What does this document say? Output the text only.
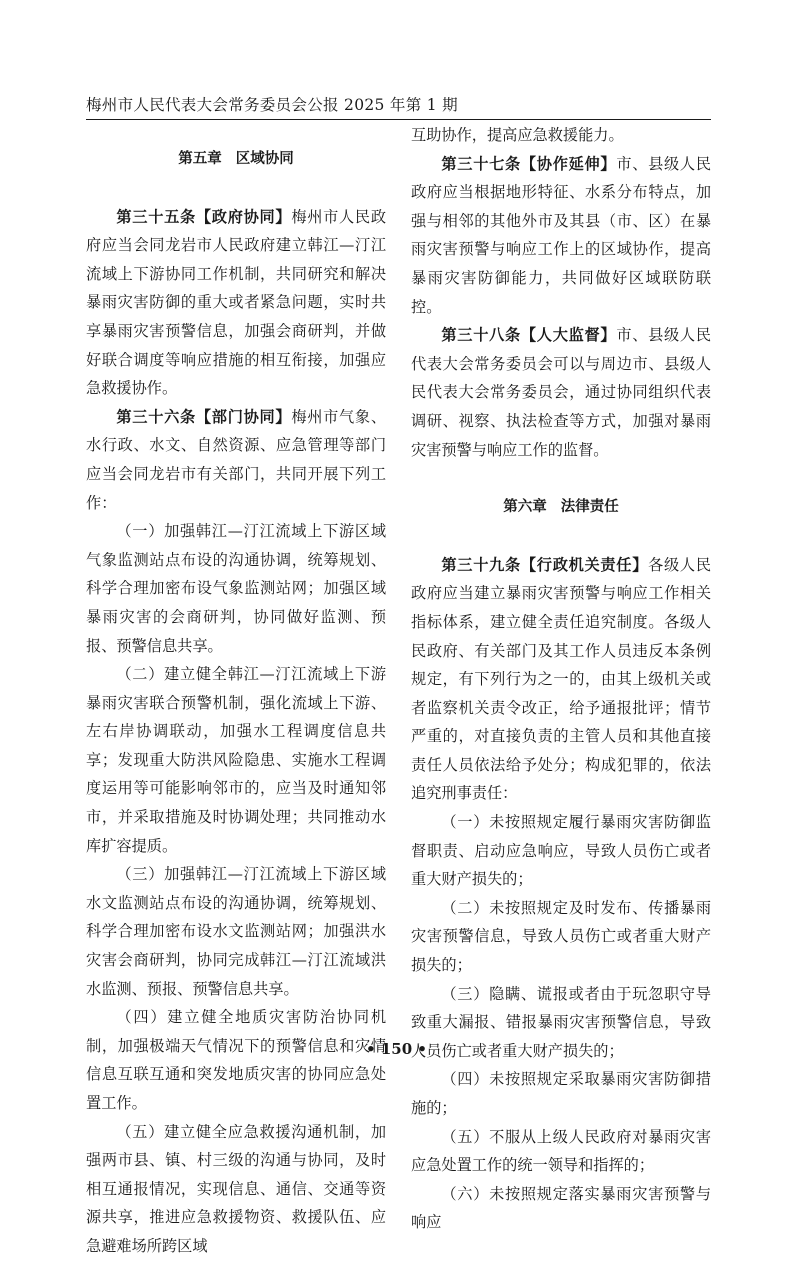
梅州市人民代表大会常务委员会公报 2025 年第 1 期

第五章 区域协同

第三十五条【政府协同】梅州市人民政府应当会同龙岩市人民政府建立韩江—汀江流域上下游协同工作机制，共同研究和解决暴雨灾害防御的重大或者紧急问题，实时共享暴雨灾害预警信息，加强会商研判，并做好联合调度等响应措施的相互衔接，加强应急救援协作。

第三十六条【部门协同】梅州市气象、水行政、水文、自然资源、应急管理等部门应当会同龙岩市有关部门，共同开展下列工作：

（一）加强韩江—汀江流域上下游区域气象监测站点布设的沟通协调，统筹规划、科学合理加密布设气象监测站网；加强区域暴雨灾害的会商研判，协同做好监测、预报、预警信息共享。

（二）建立健全韩江—汀江流域上下游暴雨灾害联合预警机制，强化流域上下游、左右岸协调联动，加强水工程调度信息共享；发现重大防洪风险隐患、实施水工程调度运用等可能影响邻市的，应当及时通知邻市，并采取措施及时协调处理；共同推动水库扩容提质。

（三）加强韩江—汀江流域上下游区域水文监测站点布设的沟通协调，统筹规划、科学合理加密布设水文监测站网；加强洪水灾害会商研判，协同完成韩江—汀江流域洪水监测、预报、预警信息共享。

（四）建立健全地质灾害防治协同机制，加强极端天气情况下的预警信息和灾情信息互联互通和突发地质灾害的协同应急处置工作。

（五）建立健全应急救援沟通机制，加强两市县、镇、村三级的沟通与协同，及时相互通报情况，实现信息、通信、交通等资源共享，推进应急救援物资、救援队伍、应急避难场所跨区域

互助协作，提高应急救援能力。

第三十七条【协作延伸】市、县级人民政府应当根据地形特征、水系分布特点，加强与相邻的其他外市及其县（市、区）在暴雨灾害预警与响应工作上的区域协作，提高暴雨灾害防御能力，共同做好区域联防联控。

第三十八条【人大监督】市、县级人民代表大会常务委员会可以与周边市、县级人民代表大会常务委员会，通过协同组织代表调研、视察、执法检查等方式，加强对暴雨灾害预警与响应工作的监督。

第六章 法律责任

第三十九条【行政机关责任】各级人民政府应当建立暴雨灾害预警与响应工作相关指标体系，建立健全责任追究制度。各级人民政府、有关部门及其工作人员违反本条例规定，有下列行为之一的，由其上级机关或者监察机关责令改正，给予通报批评；情节严重的，对直接负责的主管人员和其他直接责任人员依法给予处分；构成犯罪的，依法追究刑事责任：

（一）未按照规定履行暴雨灾害防御监督职责、启动应急响应，导致人员伤亡或者重大财产损失的；

（二）未按照规定及时发布、传播暴雨灾害预警信息，导致人员伤亡或者重大财产损失的；

（三）隐瞒、谎报或者由于玩忽职守导致重大漏报、错报暴雨灾害预警信息，导致人员伤亡或者重大财产损失的；

（四）未按照规定采取暴雨灾害防御措施的；

（五）不服从上级人民政府对暴雨灾害应急处置工作的统一领导和指挥的；

（六）未按照规定落实暴雨灾害预警与响应

• 150 •
